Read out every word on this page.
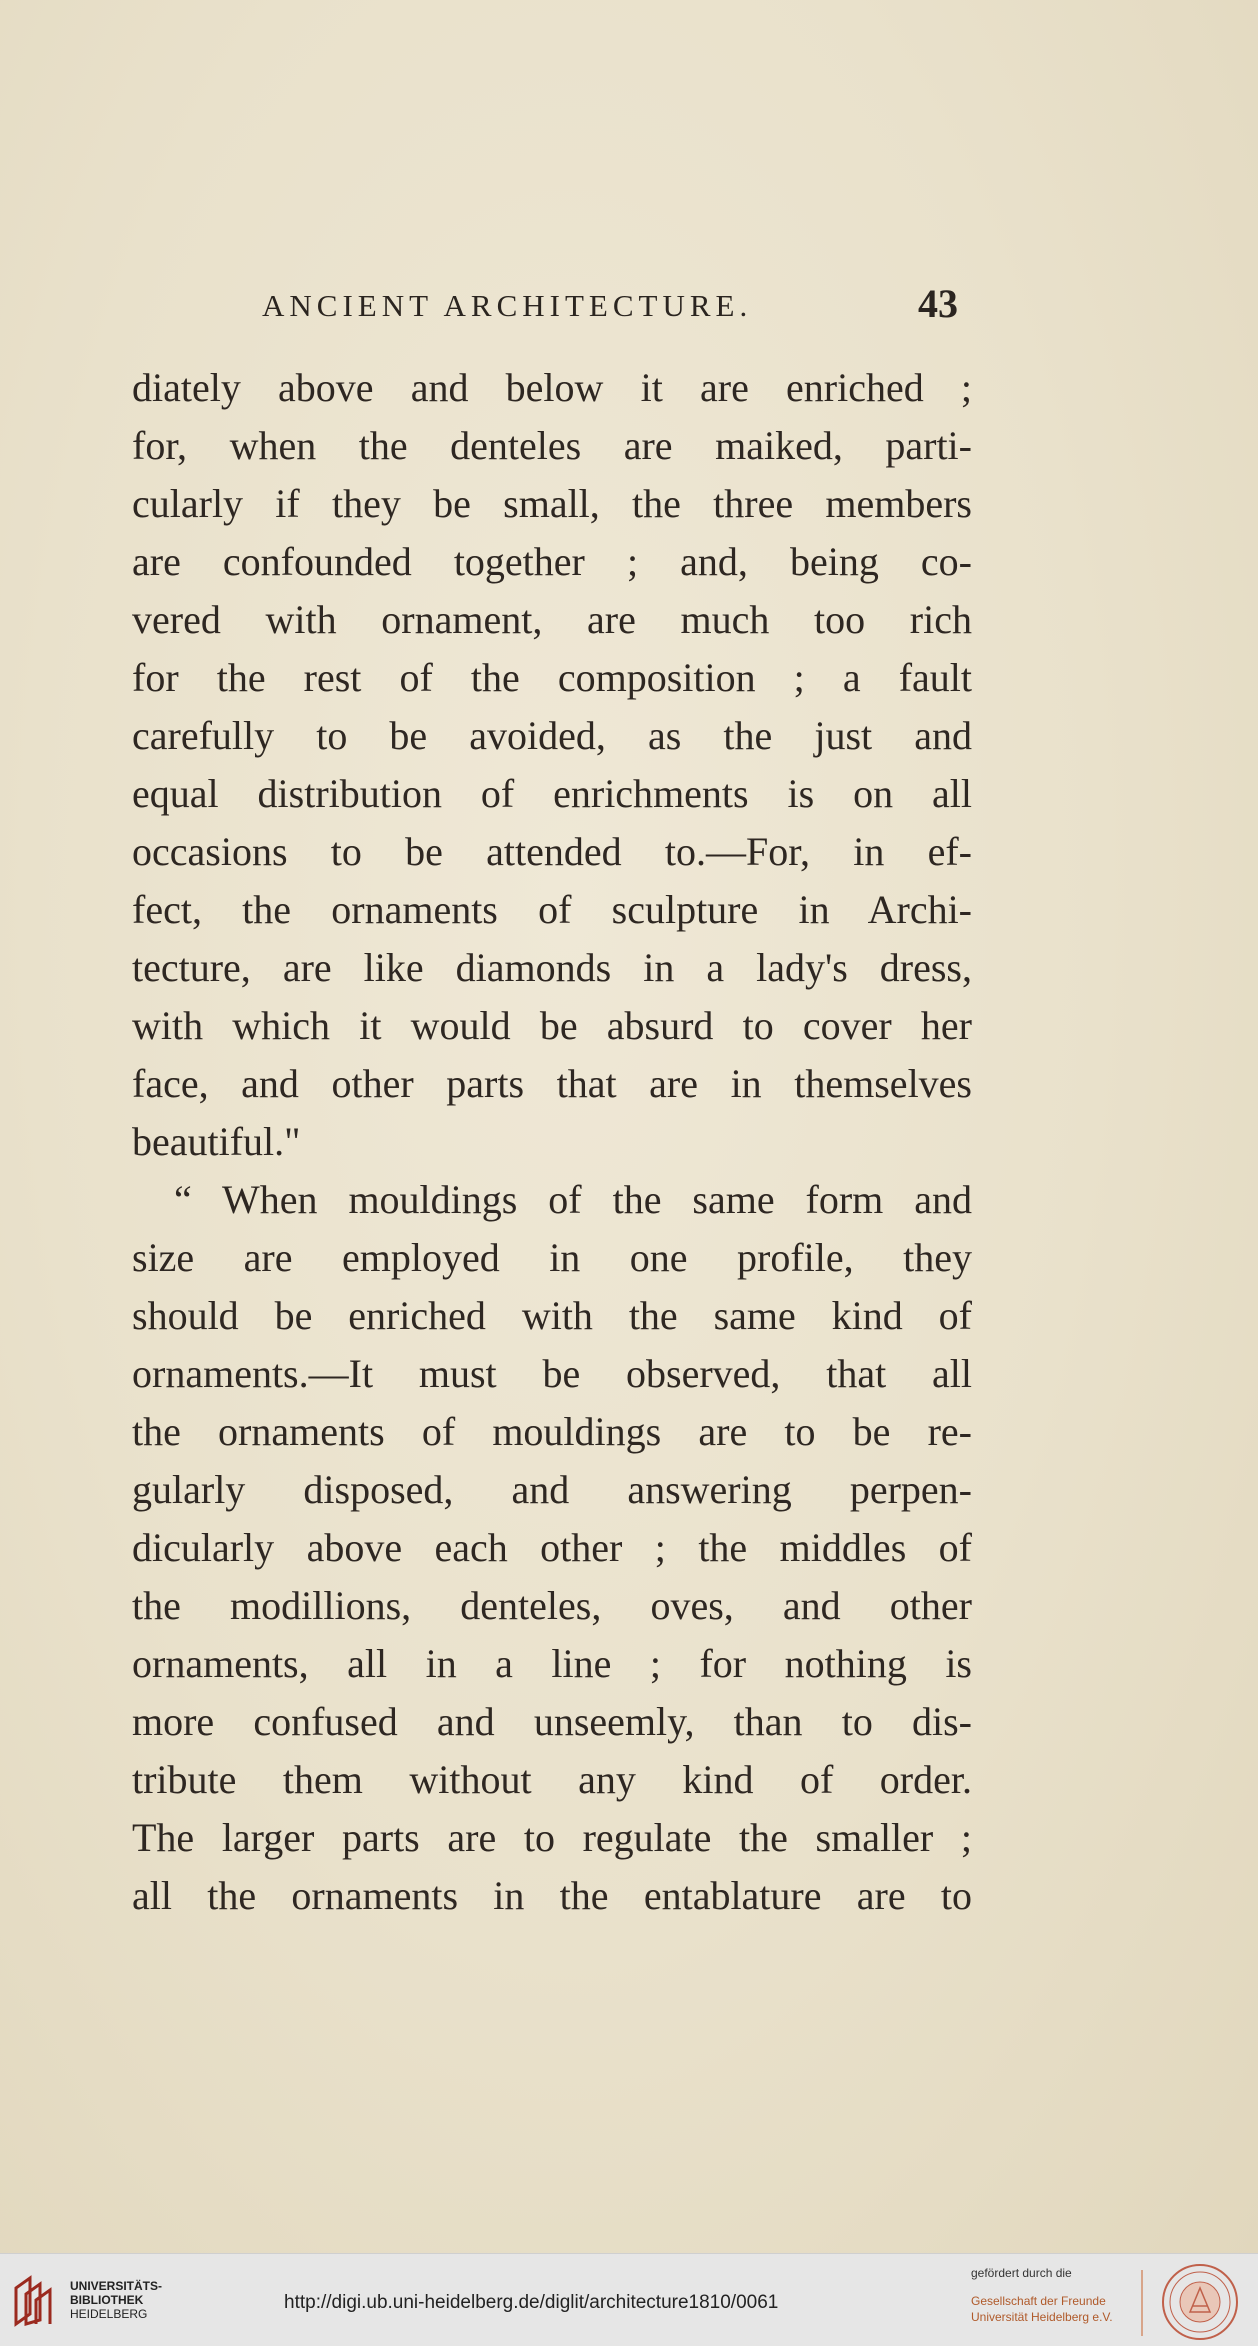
ANCIENT ARCHITECTURE.	43
diately above and below it are enriched ;
for, when the denteles are maiked, parti-
cularly if they be small, the three members
are confounded together ; and, being co-
vered with ornament, are much too rich
for the rest of the composition ; a fault
carefully to be avoided, as the just and
equal distribution of enrichments is on all
occasions to be attended to.—For, in ef-
fect, the ornaments of sculpture in Archi-
tecture, are like diamonds in a lady's dress,
with which it would be absurd to cover her
face, and other parts that are in themselves
beautiful."
“ When mouldings of the same form and
size are employed in one profile, they
should be enriched with the same kind of
ornaments.—It must be observed, that all
the ornaments of mouldings are to be re-
gularly disposed, and answering perpen-
dicularly above each other ; the middles of
the modillions, denteles, oves, and other
ornaments, all in a line ; for nothing is
more confused and unseemly, than to dis-
tribute them without any kind of order.
The larger parts are to regulate the smaller ;
all the ornaments in the entablature are to
UNIVERSITÄTS-
BIBLIOTHEK
HEIDELBERG
http://digi.ub.uni-heidelberg.de/diglit/architecture1810/0061
gefördert durch die
Gesellschaft der Freunde
Universität Heidelberg e.V.
